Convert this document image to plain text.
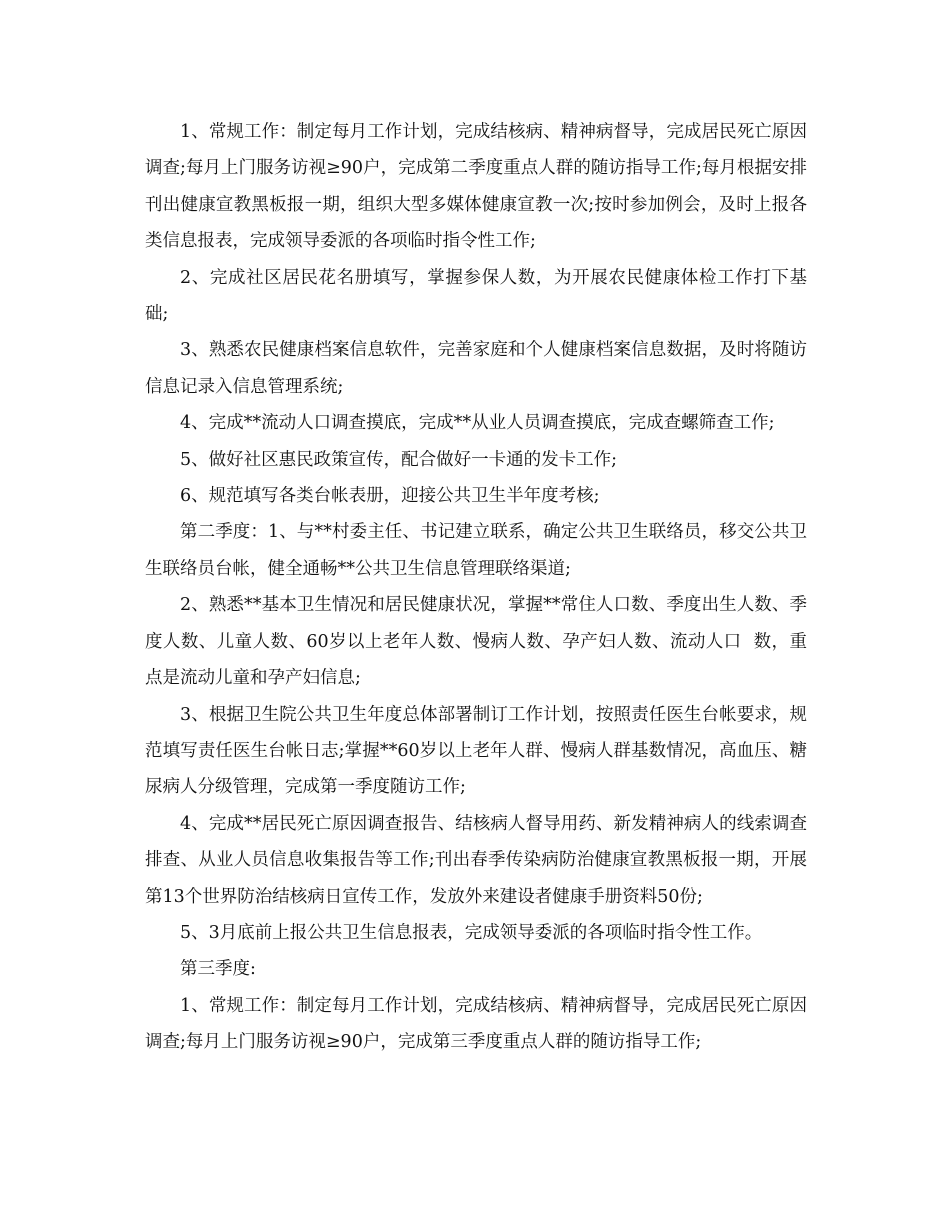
1、常规工作：制定每月工作计划，完成结核病、精神病督导，完成居民死亡原因调查;每月上门服务访视≥90户，完成第二季度重点人群的随访指导工作;每月根据安排刊出健康宣教黑板报一期，组织大型多媒体健康宣教一次;按时参加例会，及时上报各类信息报表，完成领导委派的各项临时指令性工作;

2、完成社区居民花名册填写，掌握参保人数，为开展农民健康体检工作打下基础;

3、熟悉农民健康档案信息软件，完善家庭和个人健康档案信息数据，及时将随访信息记录入信息管理系统;

4、完成**流动人口调查摸底，完成**从业人员调查摸底，完成查螺筛查工作;

5、做好社区惠民政策宣传，配合做好一卡通的发卡工作;

6、规范填写各类台帐表册，迎接公共卫生半年度考核;

第二季度：1、与**村委主任、书记建立联系，确定公共卫生联络员，移交公共卫生联络员台帐，健全通畅**公共卫生信息管理联络渠道;

2、熟悉**基本卫生情况和居民健康状况，掌握**常住人口数、季度出生人数、季度人数、儿童人数、60岁以上老年人数、慢病人数、孕产妇人数、流动人口  数，重点是流动儿童和孕产妇信息;

3、根据卫生院公共卫生年度总体部署制订工作计划，按照责任医生台帐要求，规范填写责任医生台帐日志;掌握**60岁以上老年人群、慢病人群基数情况，高血压、糖尿病人分级管理，完成第一季度随访工作;

4、完成**居民死亡原因调查报告、结核病人督导用药、新发精神病人的线索调查排查、从业人员信息收集报告等工作;刊出春季传染病防治健康宣教黑板报一期，开展第13个世界防治结核病日宣传工作，发放外来建设者健康手册资料50份;

5、3月底前上报公共卫生信息报表，完成领导委派的各项临时指令性工作。

第三季度:

1、常规工作：制定每月工作计划，完成结核病、精神病督导，完成居民死亡原因调查;每月上门服务访视≥90户，完成第三季度重点人群的随访指导工作;
